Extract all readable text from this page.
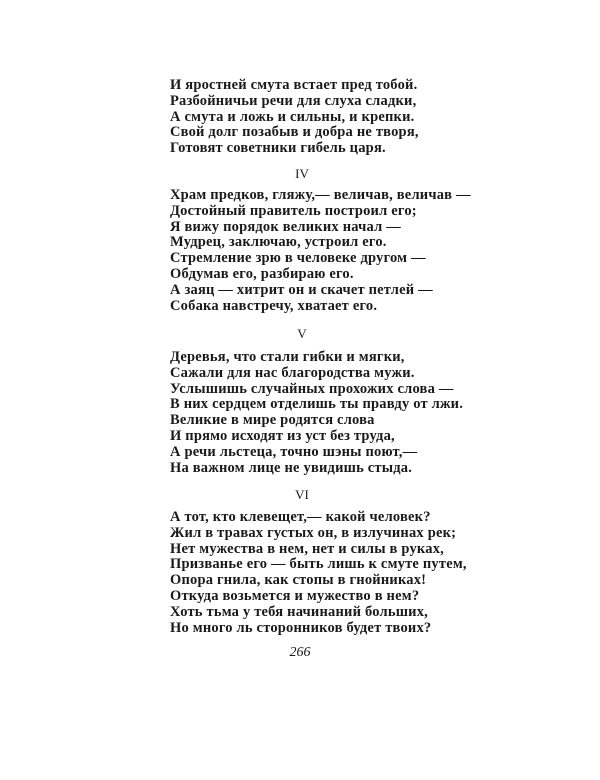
И яростней смута встает пред тобой.
Разбойничьи речи для слуха сладки,
А смута и ложь и сильны, и крепки.
Свой долг позабыв и добра не творя,
Готовят советники гибель царя.
IV
Храм предков, гляжу,— величав, величав —
Достойный правитель построил его;
Я вижу порядок великих начал —
Мудрец, заключаю, устроил его.
Стремление зрю в человеке другом —
Обдумав его, разбираю его.
А заяц — хитрит он и скачет петлей —
Собака навстречу, хватает его.
V
Деревья, что стали гибки и мягки,
Сажали для нас благородства мужи.
Услышишь случайных прохожих слова —
В них сердцем отделишь ты правду от лжи.
Великие в мире родятся слова
И прямо исходят из уст без труда,
А речи льстеца, точно шэны поют,—
На важном лице не увидишь стыда.
VI
А тот, кто клевещет,— какой человек?
Жил в травах густых он, в излучинах рек;
Нет мужества в нем, нет и силы в руках,
Призванье его — быть лишь к смуте путем,
Опора гнила, как стопы в гнойниках!
Откуда возьмется и мужество в нем?
Хоть тьма у тебя начинаний больших,
Но много ль сторонников будет твоих?
266
